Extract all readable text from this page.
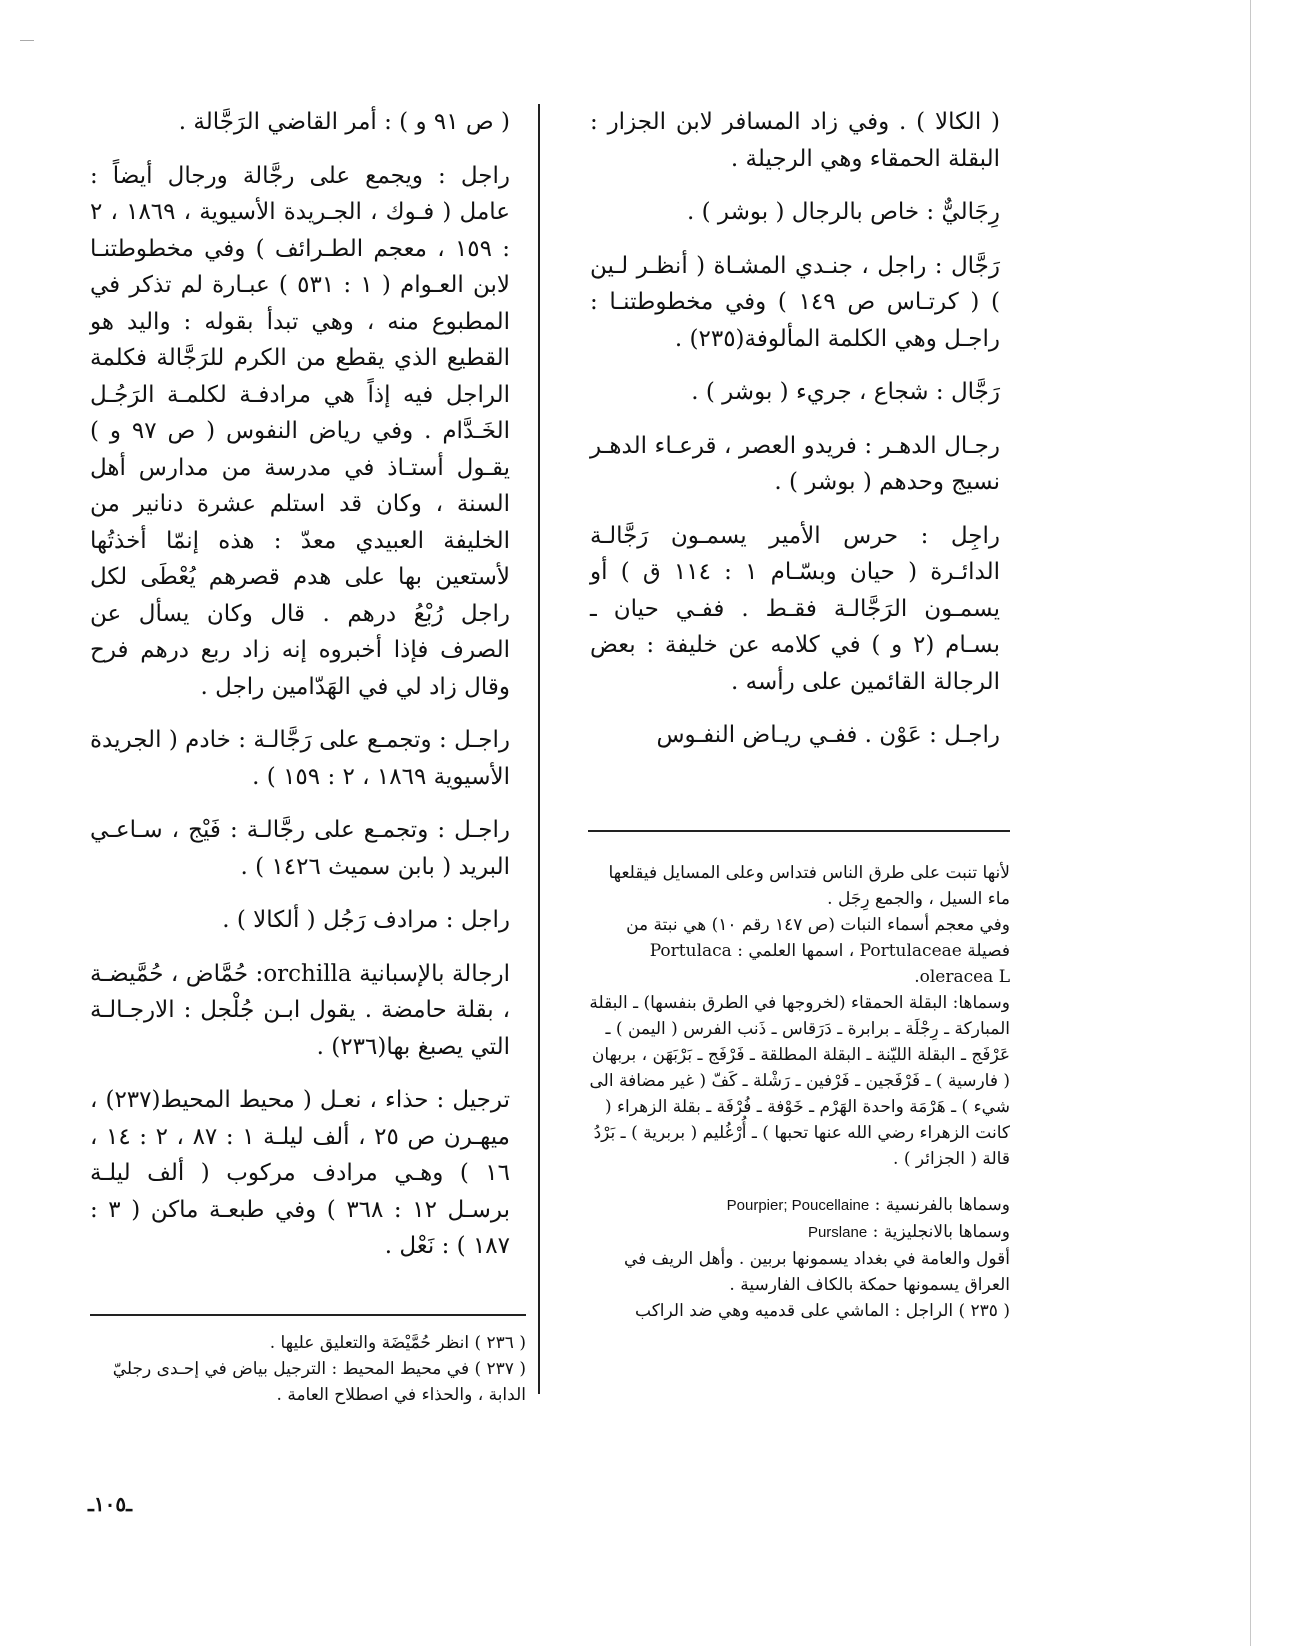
( الكالا ) . وفي زاد المسافر لابن الجزار : البقلة الحمقاء وهي الرجيلة .

رِجَاليٌّ : خاص بالرجال ( بوشر ) .

رَجَّال : راجل ، جنـدي المشـاة ( أنظـر لـين ) ( كرتـاس ص ١٤٩ ) وفي مخطوطتنـا : راجـل وهي الكلمة المألوفة(٢٣٥) .

رَجَّال : شجاع ، جريء ( بوشر ) .

رجـال الدهـر : فريدو العصر ، قرعـاء الدهـر نسيج وحدهم ( بوشر ) .

راجِل : حرس الأمير يسمـون رَجَّالـة الدائـرة ( حيان وبسّـام ١ : ١١٤ ق ) أو يسمـون الرَجَّالـة فقـط . ففـي حيان ـ بسـام (٢ و ) في كلامه عن خليفة : بعض الرجالة القائمين على رأسه .

راجـل : عَوْن . ففـي ريـاض النفـوس

( ص ٩١ و ) : أمر القاضي الرَجَّالة .

راجل : ويجمع على رجَّالة ورجال أيضاً : عامل ( فـوك ، الجـريدة الأسيوية ، ١٨٦٩ ، ٢ : ١٥٩ ، معجم الطـرائف ) وفي مخطوطتنـا لابن العـوام ( ١ : ٥٣١ ) عبـارة لم تذكر في المطبوع منه ، وهي تبدأ بقوله : واليد هو القطيع الذي يقطع من الكرم للرَجَّالة فكلمة الراجل فيه إذاً هي مرادفـة لكلمـة الرَجُـل الخَـدَّام . وفي رياض النفوس ( ص ٩٧ و ) يقـول أستـاذ في مدرسة من مدارس أهل السنة ، وكان قد استلم عشرة دنانير من الخليفة العبيدي معدّ : هذه إنمّا أخذتُها لأستعين بها على هدم قصرهم يُعْطَى لكل راجل رُبْعُ درهم . قال وكان يسأل عن الصرف فإذا أخبروه إنه زاد ربع درهم فرح وقال زاد لي في الهَدّامين راجل .

راجـل : وتجمـع على رَجَّالـة : خادم ( الجريدة الأسيوية ١٨٦٩ ، ٢ : ١٥٩ ) .

راجـل : وتجمـع على رجَّالـة : فَيْج ، سـاعـي البريد ( بابن سميث ١٤٢٦ ) .

راجل : مرادف رَجُل ( ألكالا ) .

ارجالة بالإسبانية orchilla: حُمَّاض ، حُمَّيضـة ، بقلة حامضة . يقول ابـن جُلْجل : الارجـالـة التي يصبغ بها(٢٣٦) .

ترجيل : حذاء ، نعـل ( محيط المحيط(٢٣٧) ، ميهـرن ص ٢٥ ، ألف ليلـة ١ : ٨٧ ، ٢ : ١٤ ، ١٦ ) وهـي مرادف مركوب ( ألف ليلـة برسـل ١٢ : ٣٦٨ ) وفي طبعـة ماكن ( ٣ : ١٨٧ ) : نَعْل .

لأنها تنبت على طرق الناس فتداس وعلى المسايل فيقلعها ماء السيل ، والجمع رِجَل .

وفي معجم أسماء النبات (ص ١٤٧ رقم ١٠) هي نبتة من فصيلة Portulaceae ، اسمها العلمي : Portulaca oleracea L.

وسماها: البقلة الحمقاء (لخروجها في الطرق بنفسها) ـ البقلة المباركة ـ رِجْلَة ـ برابرة ـ دَرَقاس ـ ذَنب الفرس ( اليمن ) ـ عَرْفَج ـ البقلة الليّنة ـ البقلة المطلقة ـ فَرْفَج ـ بَرْبَهَن ، بربهان ( فارسية ) ـ فَرْفَجين ـ فَرْفين ـ رَشْلة ـ كَفّ ( غير مضافة الى شيء ) ـ هَرْمَة واحدة الهَرْم ـ خَوْفة ـ فُرْفَة ـ بقلة الزهراء ( كانت الزهراء رضي الله عنها تحبها ) ـ أُرْغُليم ( بربرية ) ـ بَرْدُ قالة ( الجزائر ) .

وسماها بالفرنسية : Pourpier; Poucellaine

وسماها بالانجليزية : Purslane

أقول والعامة في بغداد يسمونها بربين . وأهل الريف في العراق يسمونها حمكة بالكاف الفارسية .

( ٢٣٥ ) الراجل : الماشي على قدميه وهي ضد الراكب

( ٢٣٦ ) انظر حُمَّيْضَة والتعليق عليها .

( ٢٣٧ ) في محيط المحيط : الترجيل بياض في إحـدى رجليّ الدابة ، والحذاء في اصطلاح العامة .

ـ١٠٥ـ
